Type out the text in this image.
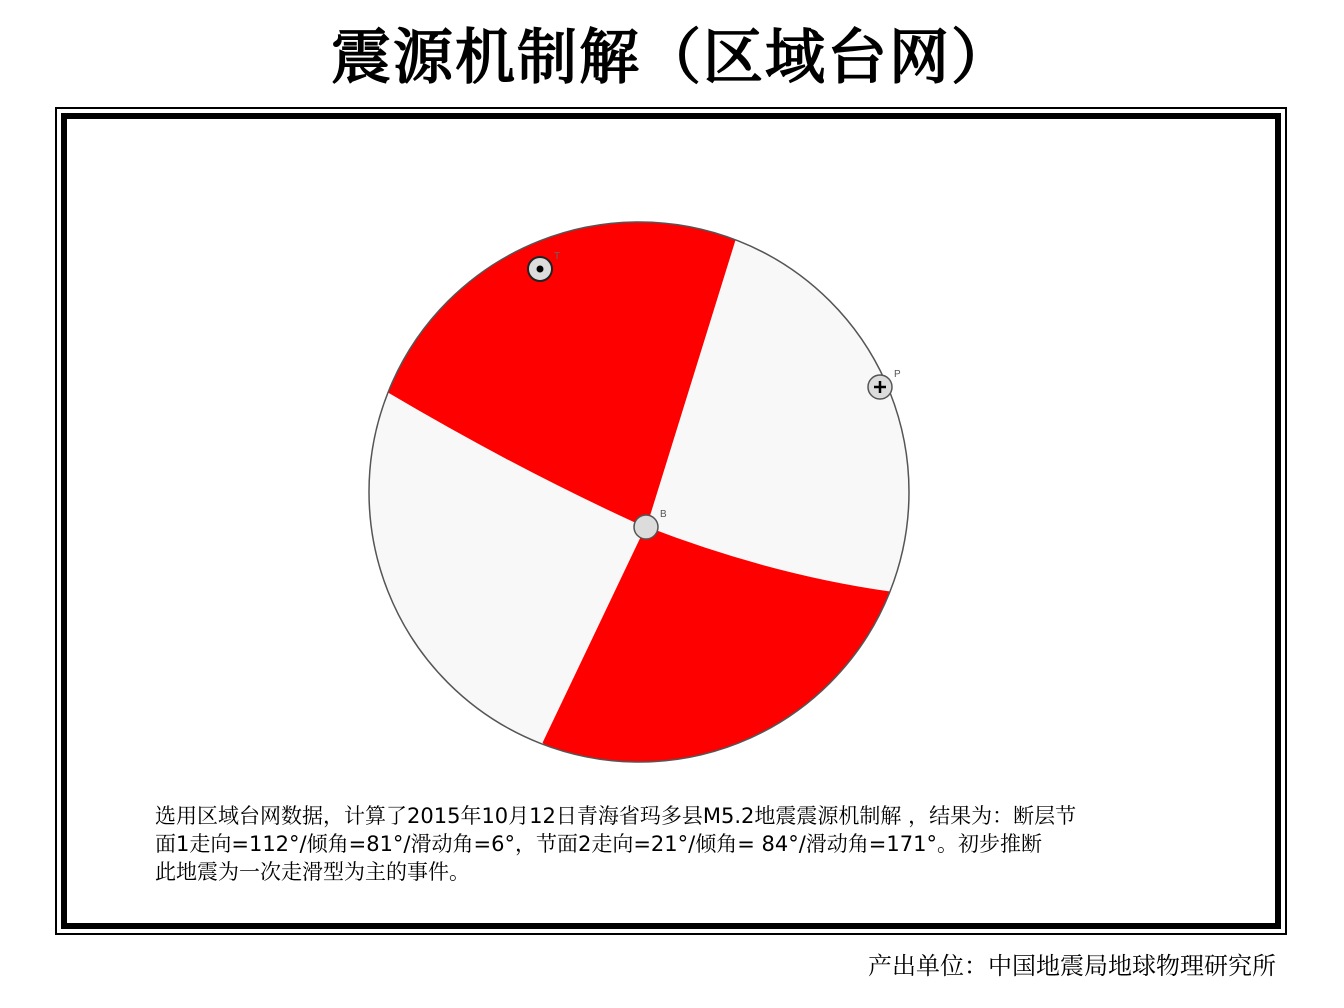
震源机制解（区域台网）
T
P
B
选用区域台网数据，计算了2015年10月12日青海省玛多县M5.2地震震源机制解 ，结果为：断层节
面1走向=112°/倾角=81°/滑动角=6°，节面2走向=21°/倾角= 84°/滑动角=171°。初步推断
此地震为一次走滑型为主的事件。
产出单位：中国地震局地球物理研究所
